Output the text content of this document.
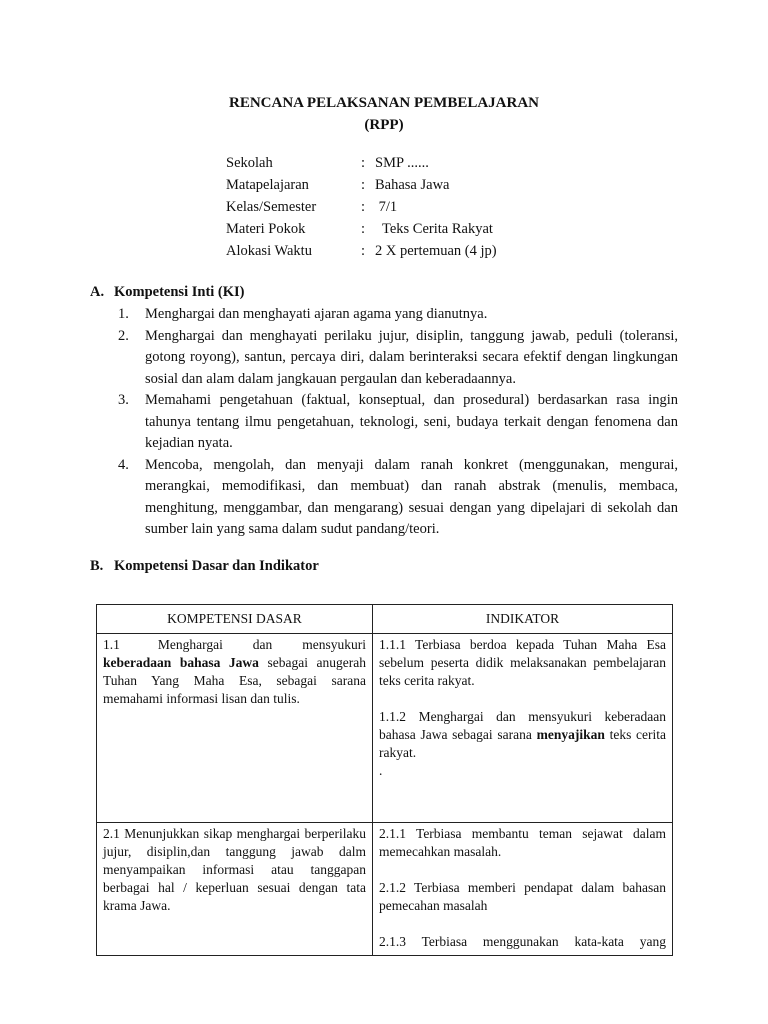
RENCANA PELAKSANAN PEMBELAJARAN
(RPP)
Sekolah	: SMP ......
Matapelajaran	: Bahasa Jawa
Kelas/Semester	: 7/1
Materi Pokok	: Teks Cerita Rakyat
Alokasi Waktu	: 2 X pertemuan (4 jp)
A. Kompetensi Inti (KI)
1.	Menghargai dan menghayati ajaran agama yang dianutnya.
2.	Menghargai dan menghayati perilaku jujur, disiplin, tanggung jawab, peduli (toleransi, gotong royong), santun, percaya diri, dalam berinteraksi secara efektif dengan lingkungan sosial dan alam dalam jangkauan pergaulan dan keberadaannya.
3.	Memahami pengetahuan (faktual, konseptual, dan prosedural) berdasarkan rasa ingin tahunya tentang ilmu pengetahuan, teknologi, seni, budaya terkait dengan fenomena dan kejadian nyata.
4.	Mencoba, mengolah, dan menyaji dalam ranah konkret (menggunakan, mengurai, merangkai, memodifikasi, dan membuat) dan ranah abstrak (menulis, membaca, menghitung, menggambar, dan mengarang) sesuai dengan yang dipelajari di sekolah dan sumber lain yang sama dalam sudut pandang/teori.
B. Kompetensi Dasar dan Indikator
KOMPETENSI DASAR	INDIKATOR

1.1 Menghargai dan mensyukuri keberadaan bahasa Jawa sebagai anugerah Tuhan Yang Maha Esa, sebagai sarana memahami informasi lisan dan tulis.	1.1.1 Terbiasa berdoa kepada Tuhan Maha Esa sebelum peserta didik melaksanakan pembelajaran teks cerita rakyat.
1.1.2 Menghargai dan mensyukuri keberadaan bahasa Jawa sebagai sarana menyajikan teks cerita rakyat.
.

2.1 Menunjukkan sikap menghargai berperilaku jujur, disiplin,dan tanggung jawab dalm menyampaikan informasi atau tanggapan berbagai hal / keperluan sesuai dengan tata krama Jawa.	2.1.1 Terbiasa membantu teman sejawat dalam memecahkan masalah.
2.1.2 Terbiasa memberi pendapat dalam bahasan pemecahan masalah
2.1.3 Terbiasa menggunakan kata-kata yang
